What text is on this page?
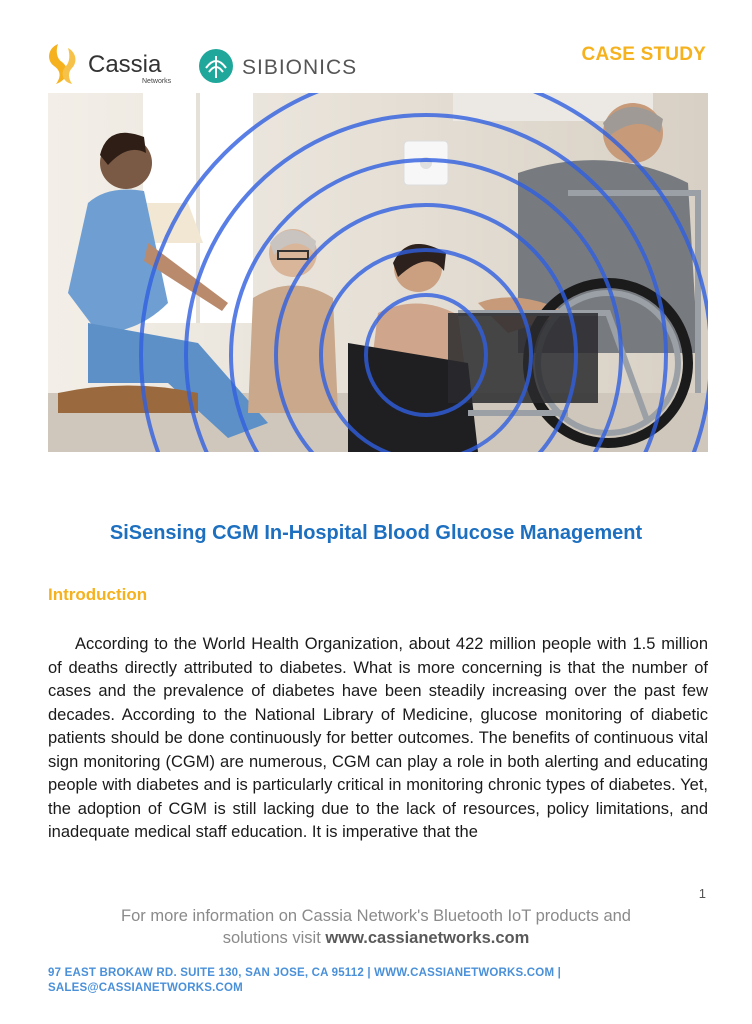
Cassia
Networks
SIBIONICS
CASE STUDY
SiSensing CGM In-Hospital Blood Glucose Management
Introduction

According to the World Health Organization, about 422 million people with 1.5 million of deaths directly attributed to diabetes. What is more concerning is that the number of cases and the prevalence of diabetes have been steadily increasing over the past few decades. According to the National Library of Medicine, glucose monitoring of diabetic patients should be done continuously for better outcomes. The benefits of continuous vital sign monitoring (CGM) are numerous, CGM can play a role in both alerting and educating people with diabetes and is particularly critical in monitoring chronic types of diabetes. Yet, the adoption of CGM is still lacking due to the lack of resources, policy limitations, and inadequate medical staff education. It is imperative that the

1
For more information on Cassia Network's Bluetooth IoT products and
solutions visit www.cassianetworks.com
97 EAST BROKAW RD. SUITE 130, SAN JOSE, CA 95112 | WWW.CASSIANETWORKS.COM |
SALES@CASSIANETWORKS.COM
